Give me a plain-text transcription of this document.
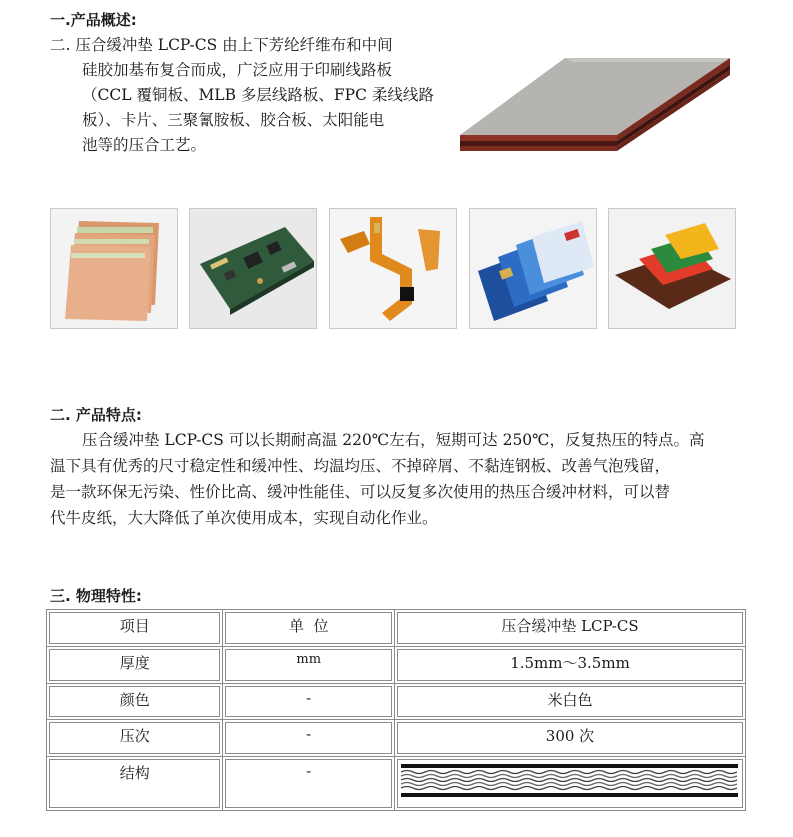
一.产品概述:
二. 压合缓冲垫 LCP-CS 由上下芳纶纤维布和中间
硅胶加基布复合而成，广泛应用于印刷线路板
（CCL 覆铜板、MLB 多层线路板、FPC 柔线线路
板）、卡片、三聚氰胺板、胶合板、太阳能电
池等的压合工艺。
二. 产品特点:
压合缓冲垫 LCP-CS 可以长期耐高温 220℃左右，短期可达 250℃，反复热压的特点。高
温下具有优秀的尺寸稳定性和缓冲性、均温均压、不掉碎屑、不黏连钢板、改善气泡残留，
是一款环保无污染、性价比高、缓冲性能佳、可以反复多次使用的热压合缓冲材料，可以替
代牛皮纸，大大降低了单次使用成本，实现自动化作业。
三. 物理特性:
项目	单  位	压合缓冲垫 LCP-CS
厚度	mm	1.5mm～3.5mm
颜色	-	米白色
压次	-	300 次
结构	-	
